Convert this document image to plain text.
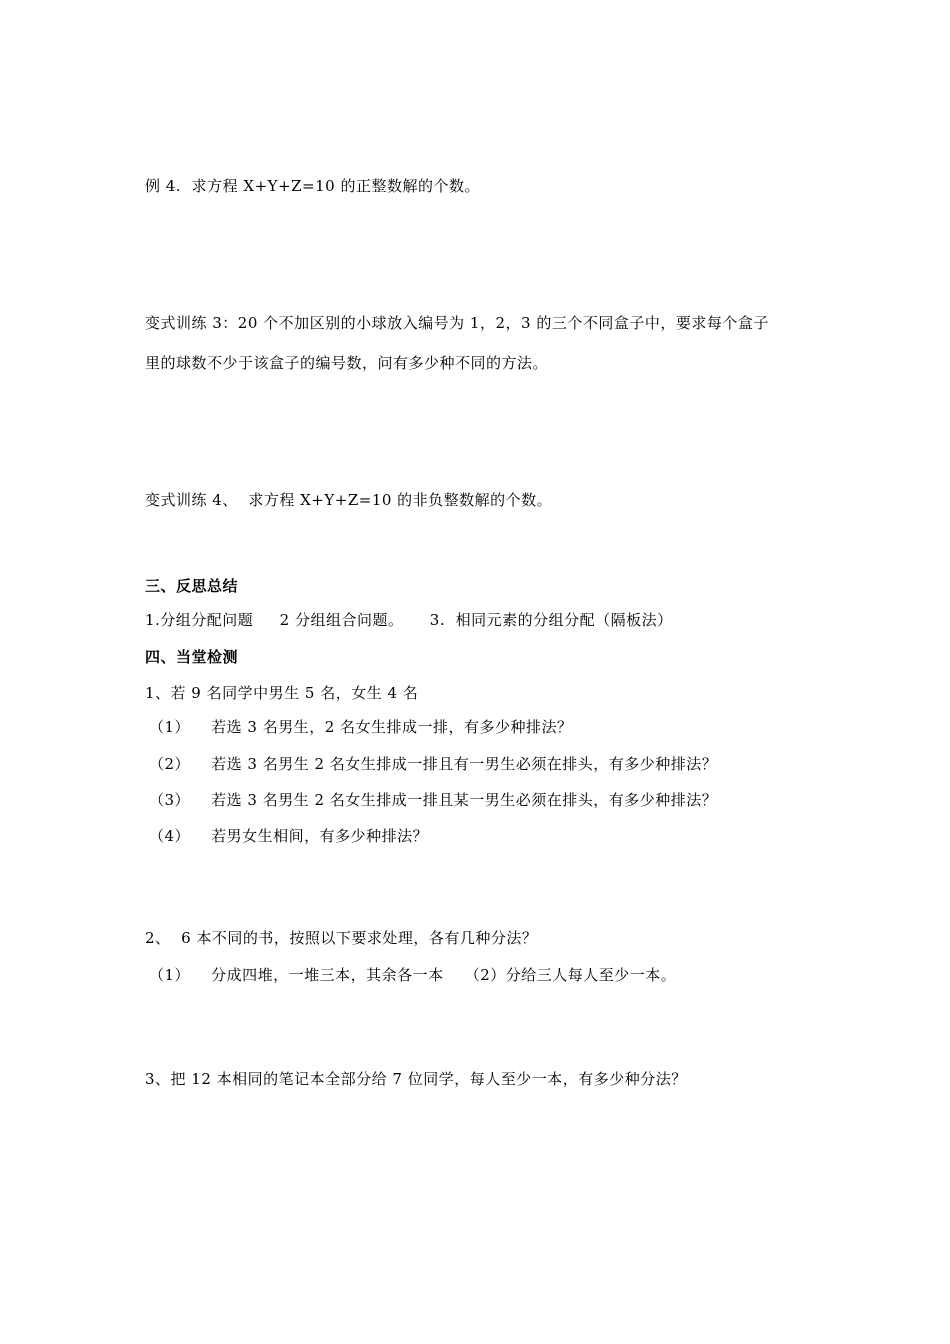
例 4.  求方程 X+Y+Z=10 的正整数解的个数。
变式训练 3：20 个不加区别的小球放入编号为 1，2，3 的三个不同盒子中，要求每个盒子
里的球数不少于该盒子的编号数，问有多少种不同的方法。
变式训练 4、  求方程 X+Y+Z=10 的非负整数解的个数。
三、反思总结
1.分组分配问题     2 分组组合问题。     3.  相同元素的分组分配（隔板法）
四、当堂检测
1、若 9 名同学中男生 5 名，女生 4 名
（1）    若选 3 名男生，2 名女生排成一排，有多少种排法？
（2）    若选 3 名男生 2 名女生排成一排且有一男生必须在排头，有多少种排法？
（3）    若选 3 名男生 2 名女生排成一排且某一男生必须在排头，有多少种排法？
（4）    若男女生相间，有多少种排法？
2、  6 本不同的书，按照以下要求处理，各有几种分法？
（1）    分成四堆，一堆三本，其余各一本    （2）分给三人每人至少一本。
3、把 12 本相同的笔记本全部分给 7 位同学，每人至少一本，有多少种分法？
